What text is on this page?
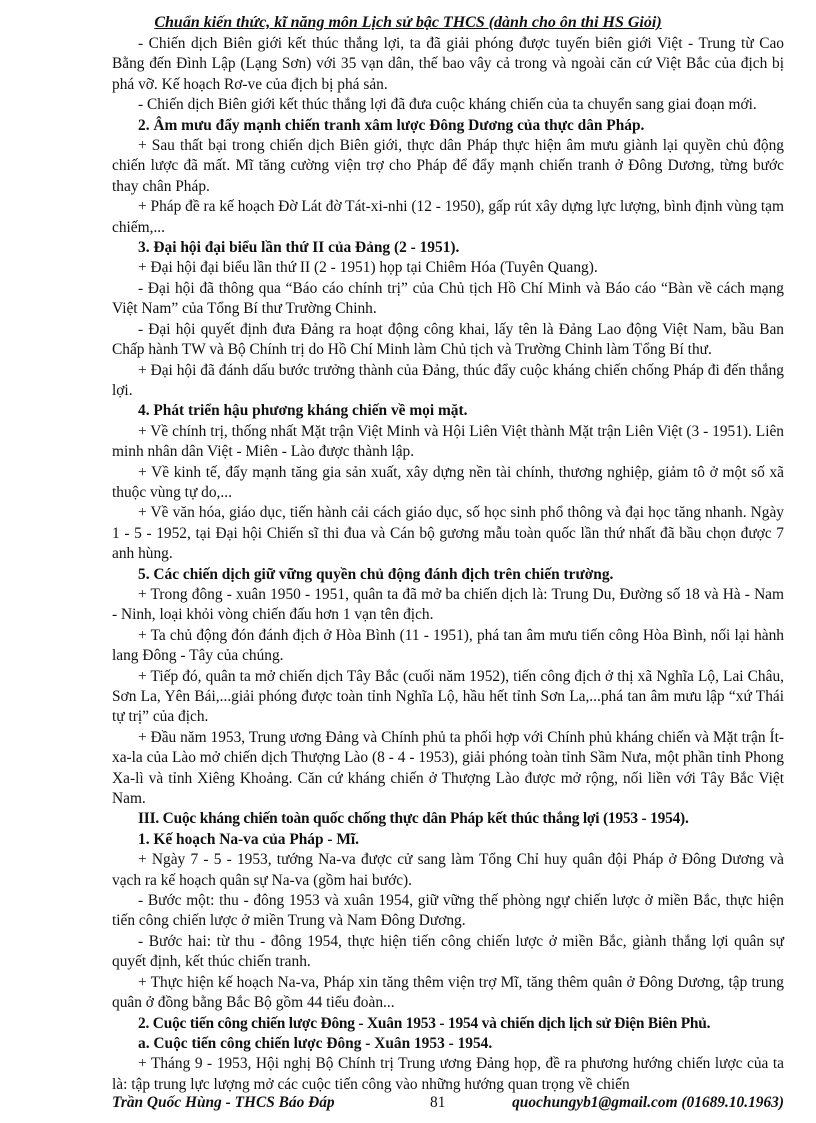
Chuẩn kiến thức, kĩ năng môn Lịch sử bậc THCS (dành cho ôn thi HS Giỏi)

- Chiến dịch Biên giới kết thúc thắng lợi, ta đã giải phóng được tuyến biên giới Việt - Trung từ Cao Bằng đến Đình Lập (Lạng Sơn) với 35 vạn dân, thế bao vây cả trong và ngoài căn cứ Việt Bắc của địch bị phá vỡ. Kế hoạch Rơ-ve của địch bị phá sản.

- Chiến dịch Biên giới kết thúc thắng lợi đã đưa cuộc kháng chiến của ta chuyển sang giai đoạn mới.

2. Âm mưu đẩy mạnh chiến tranh xâm lược Đông Dương của thực dân Pháp.

+ Sau thất bại trong chiến dịch Biên giới, thực dân Pháp thực hiện âm mưu giành lại quyền chủ động chiến lược đã mất. Mĩ tăng cường viện trợ cho Pháp để đẩy mạnh chiến tranh ở Đông Dương, từng bước thay chân Pháp.

+ Pháp đề ra kế hoạch Đờ Lát đờ Tát-xi-nhi (12 - 1950), gấp rút xây dựng lực lượng, bình định vùng tạm chiếm,...

3. Đại hội đại biểu lần thứ II của Đảng (2 - 1951).

+ Đại hội đại biểu lần thứ II (2 - 1951) họp tại Chiêm Hóa (Tuyên Quang).

- Đại hội đã thông qua “Báo cáo chính trị” của Chủ tịch Hồ Chí Minh và Báo cáo “Bàn về cách mạng Việt Nam” của Tổng Bí thư Trường Chinh.

- Đại hội quyết định đưa Đảng ra hoạt động công khai, lấy tên là Đảng Lao động Việt Nam, bầu Ban Chấp hành TW và Bộ Chính trị do Hồ Chí Minh làm Chủ tịch và Trường Chinh làm Tổng Bí thư.

+ Đại hội đã đánh dấu bước trưởng thành của Đảng, thúc đẩy cuộc kháng chiến chống Pháp đi đến thắng lợi.

4. Phát triển hậu phương kháng chiến về mọi mặt.

+ Về chính trị, thống nhất Mặt trận Việt Minh và Hội Liên Việt thành Mặt trận Liên Việt (3 - 1951). Liên minh nhân dân Việt - Miên - Lào được thành lập.

+ Về kinh tế, đẩy mạnh tăng gia sản xuất, xây dựng nền tài chính, thương nghiệp, giảm tô ở một số xã thuộc vùng tự do,...

+ Về văn hóa, giáo dục, tiến hành cải cách giáo dục, số học sinh phổ thông và đại học tăng nhanh. Ngày 1 - 5 - 1952, tại Đại hội Chiến sĩ thi đua và Cán bộ gương mẫu toàn quốc lần thứ nhất đã bầu chọn được 7 anh hùng.

5. Các chiến dịch giữ vững quyền chủ động đánh địch trên chiến trường.

+ Trong đông - xuân 1950 - 1951, quân ta đã mở ba chiến dịch là: Trung Du, Đường số 18 và Hà - Nam - Ninh, loại khỏi vòng chiến đấu hơn 1 vạn tên địch.

+ Ta chủ động đón đánh địch ở Hòa Bình (11 - 1951), phá tan âm mưu tiến công Hòa Bình, nối lại hành lang Đông - Tây của chúng.

+ Tiếp đó, quân ta mở chiến dịch Tây Bắc (cuối năm 1952), tiến công địch ở thị xã Nghĩa Lộ, Lai Châu, Sơn La, Yên Bái,...giải phóng được toàn tỉnh Nghĩa Lộ, hầu hết tỉnh Sơn La,...phá tan âm mưu lập “xứ Thái tự trị” của địch.

+ Đầu năm 1953, Trung ương Đảng và Chính phủ ta phối hợp với Chính phủ kháng chiến và Mặt trận Ít-xa-la của Lào mở chiến dịch Thượng Lào (8 - 4 - 1953), giải phóng toàn tỉnh Sầm Nưa, một phần tỉnh Phong Xa-lì và tỉnh Xiêng Khoảng. Căn cứ kháng chiến ở Thượng Lào được mở rộng, nối liền với Tây Bắc Việt Nam.

III. Cuộc kháng chiến toàn quốc chống thực dân Pháp kết thúc thắng lợi (1953 - 1954).

1. Kế hoạch Na-va của Pháp - Mĩ.

+ Ngày 7 - 5 - 1953, tướng Na-va được cử sang làm Tổng Chỉ huy quân đội Pháp ở Đông Dương và vạch ra kế hoạch quân sự Na-va (gồm hai bước).

- Bước một: thu - đông 1953 và xuân 1954, giữ vững thế phòng ngự chiến lược ở miền Bắc, thực hiện tiến công chiến lược ở miền Trung và Nam Đông Dương.

- Bước hai: từ thu - đông 1954, thực hiện tiến công chiến lược ở miền Bắc, giành thắng lợi quân sự quyết định, kết thúc chiến tranh.

+ Thực hiện kế hoạch Na-va, Pháp xin tăng thêm viện trợ Mĩ, tăng thêm quân ở Đông Dương, tập trung quân ở đồng bằng Bắc Bộ gồm 44 tiểu đoàn...

2. Cuộc tiến công chiến lược Đông - Xuân 1953 - 1954 và chiến dịch lịch sử Điện Biên Phủ.

a. Cuộc tiến công chiến lược Đông - Xuân 1953 - 1954.

+ Tháng 9 - 1953, Hội nghị Bộ Chính trị Trung ương Đảng họp, đề ra phương hướng chiến lược của ta là: tập trung lực lượng mở các cuộc tiến công vào những hướng quan trọng về chiến

Trần Quốc Hùng - THCS Báo Đáp	81	quochungyb1@gmail.com (01689.10.1963)
